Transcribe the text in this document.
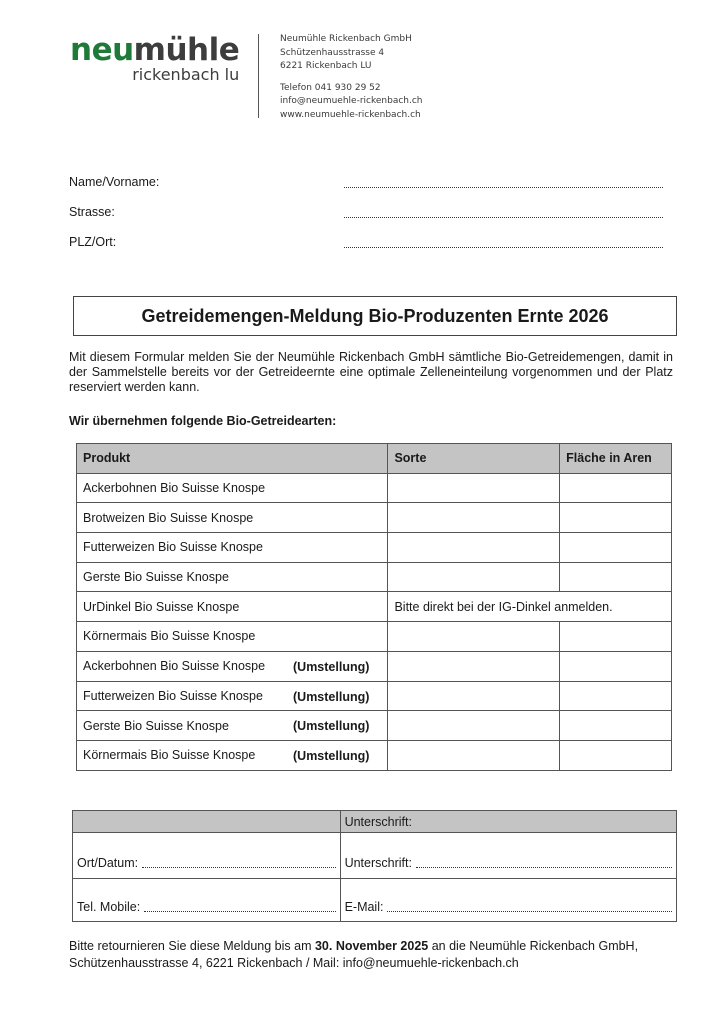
neumühle
rickenbach lu
Neumühle Rickenbach GmbH
Schützenhausstrasse 4
6221 Rickenbach LU
Telefon 041 930 29 52
info@neumuehle-rickenbach.ch
www.neumuehle-rickenbach.ch
Name/Vorname:
Strasse:
PLZ/Ort:
Getreidemengen-Meldung Bio-Produzenten Ernte 2026
Mit diesem Formular melden Sie der Neumühle Rickenbach GmbH sämtliche Bio-Getreidemengen, damit in der Sammelstelle bereits vor der Getreideernte eine optimale Zelleneinteilung vorgenommen und der Platz reserviert werden kann.
Wir übernehmen folgende Bio-Getreidearten:
Produkt	Sorte	Fläche in Aren
Ackerbohnen Bio Suisse Knospe		
Brotweizen Bio Suisse Knospe		
Futterweizen Bio Suisse Knospe		
Gerste Bio Suisse Knospe		
UrDinkel Bio Suisse Knospe	Bitte direkt bei der IG-Dinkel anmelden.	
Körnermais Bio Suisse Knospe		
Ackerbohnen Bio Suisse Knospe (Umstellung)		

Futterweizen Bio Suisse Knospe (Umstellung)		

Gerste Bio Suisse Knospe (Umstellung)		

Körnermais Bio Suisse Knospe (Umstellung)		

	Unterschrift:

Ort/Datum:	Unterschrift:

Tel. Mobile:	E-Mail:
Bitte retournieren Sie diese Meldung bis am 30. November 2025 an die Neumühle Rickenbach GmbH,
Schützenhausstrasse 4, 6221 Rickenbach / Mail: info@neumuehle-rickenbach.ch
